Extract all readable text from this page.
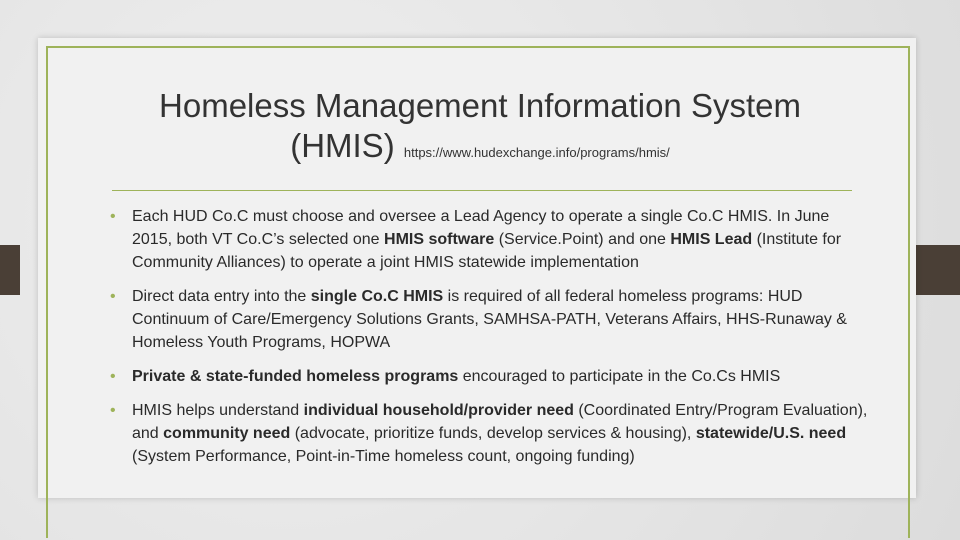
Homeless Management Information System
(HMIS) https://www.hudexchange.info/programs/hmis/
• Each HUD Co.C must choose and oversee a Lead Agency to operate a single Co.C HMIS. In June 2015, both VT Co.C’s selected one HMIS software (Service.Point) and one HMIS Lead (Institute for Community Alliances) to operate a joint HMIS statewide implementation
• Direct data entry into the single Co.C HMIS is required of all federal homeless programs: HUD Continuum of Care/Emergency Solutions Grants, SAMHSA-PATH, Veterans Affairs, HHS-Runaway & Homeless Youth Programs, HOPWA
• Private & state-funded homeless programs encouraged to participate in the Co.Cs HMIS
• HMIS helps understand individual household/provider need (Coordinated Entry/Program Evaluation), and community need (advocate, prioritize funds, develop services & housing), statewide/U.S. need (System Performance, Point-in-Time homeless count, ongoing funding)
